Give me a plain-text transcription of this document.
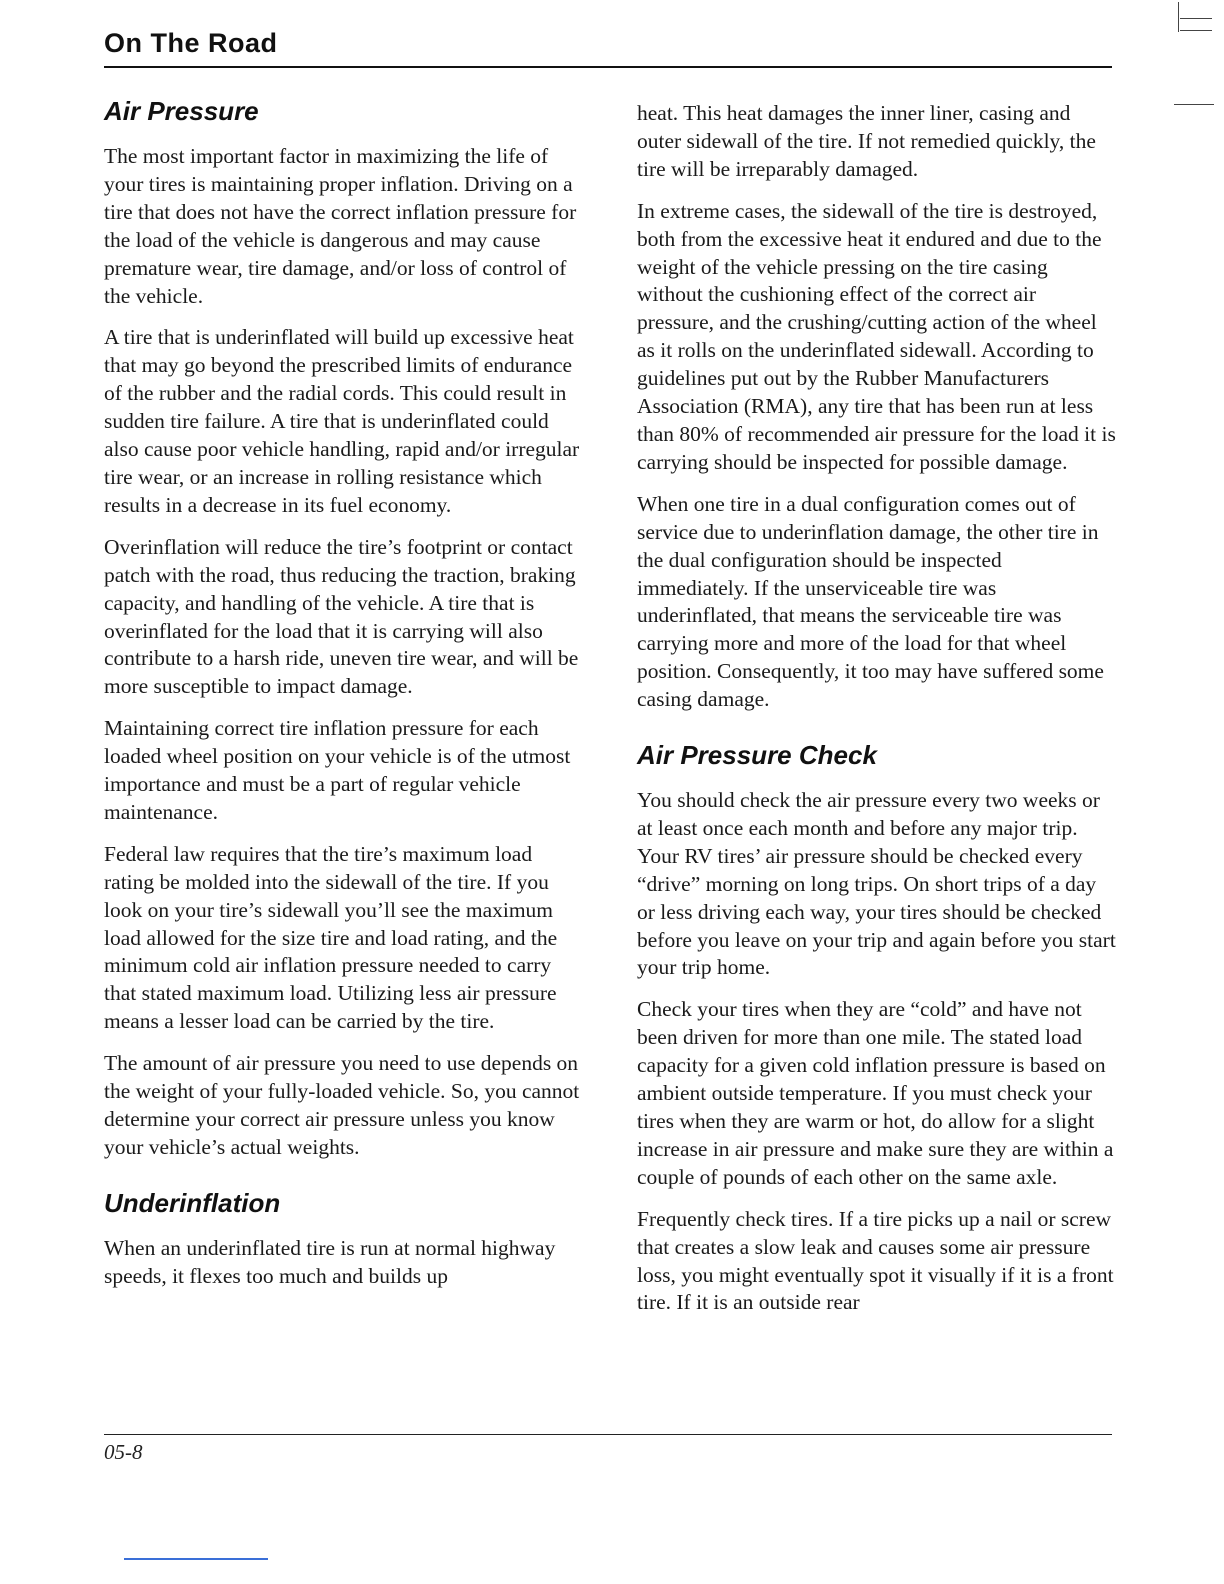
On The Road
Air Pressure

The most important factor in maximizing the life of your tires is maintaining proper inflation. Driving on a tire that does not have the correct inflation pressure for the load of the vehicle is dangerous and may cause premature wear, tire damage, and/or loss of control of the vehicle.

A tire that is underinflated will build up excessive heat that may go beyond the prescribed limits of endurance of the rubber and the radial cords. This could result in sudden tire failure. A tire that is underinflated could also cause poor vehicle handling, rapid and/or irregular tire wear, or an increase in rolling resistance which results in a decrease in its fuel economy.

Overinflation will reduce the tire’s footprint or contact patch with the road, thus reducing the traction, braking capacity, and handling of the vehicle. A tire that is overinflated for the load that it is carrying will also contribute to a harsh ride, uneven tire wear, and will be more susceptible to impact damage.

Maintaining correct tire inflation pressure for each loaded wheel position on your vehicle is of the utmost importance and must be a part of regular vehicle maintenance.

Federal law requires that the tire’s maximum load rating be molded into the sidewall of the tire. If you look on your tire’s sidewall you’ll see the maximum load allowed for the size tire and load rating, and the minimum cold air inflation pressure needed to carry that stated maximum load. Utilizing less air pressure means a lesser load can be carried by the tire.

The amount of air pressure you need to use depends on the weight of your fully-loaded vehicle. So, you cannot determine your correct air pressure unless you know your vehicle’s actual weights.

Underinflation

When an underinflated tire is run at normal highway speeds, it flexes too much and builds up

heat. This heat damages the inner liner, casing and outer sidewall of the tire. If not remedied quickly, the tire will be irreparably damaged.

In extreme cases, the sidewall of the tire is destroyed, both from the excessive heat it endured and due to the weight of the vehicle pressing on the tire casing without the cushioning effect of the correct air pressure, and the crushing/cutting action of the wheel as it rolls on the underinflated sidewall. According to guidelines put out by the Rubber Manufacturers Association (RMA), any tire that has been run at less than 80% of recommended air pressure for the load it is carrying should be inspected for possible damage.

When one tire in a dual configuration comes out of service due to underinflation damage, the other tire in the dual configuration should be inspected immediately. If the unserviceable tire was underinflated, that means the serviceable tire was carrying more and more of the load for that wheel position. Consequently, it too may have suffered some casing damage.

Air Pressure Check

You should check the air pressure every two weeks or at least once each month and before any major trip. Your RV tires’ air pressure should be checked every “drive” morning on long trips. On short trips of a day or less driving each way, your tires should be checked before you leave on your trip and again before you start your trip home.

Check your tires when they are “cold” and have not been driven for more than one mile. The stated load capacity for a given cold inflation pressure is based on ambient outside temperature. If you must check your tires when they are warm or hot, do allow for a slight increase in air pressure and make sure they are within a couple of pounds of each other on the same axle.

Frequently check tires. If a tire picks up a nail or screw that creates a slow leak and causes some air pressure loss, you might eventually spot it visually if it is a front tire. If it is an outside rear

05-8
